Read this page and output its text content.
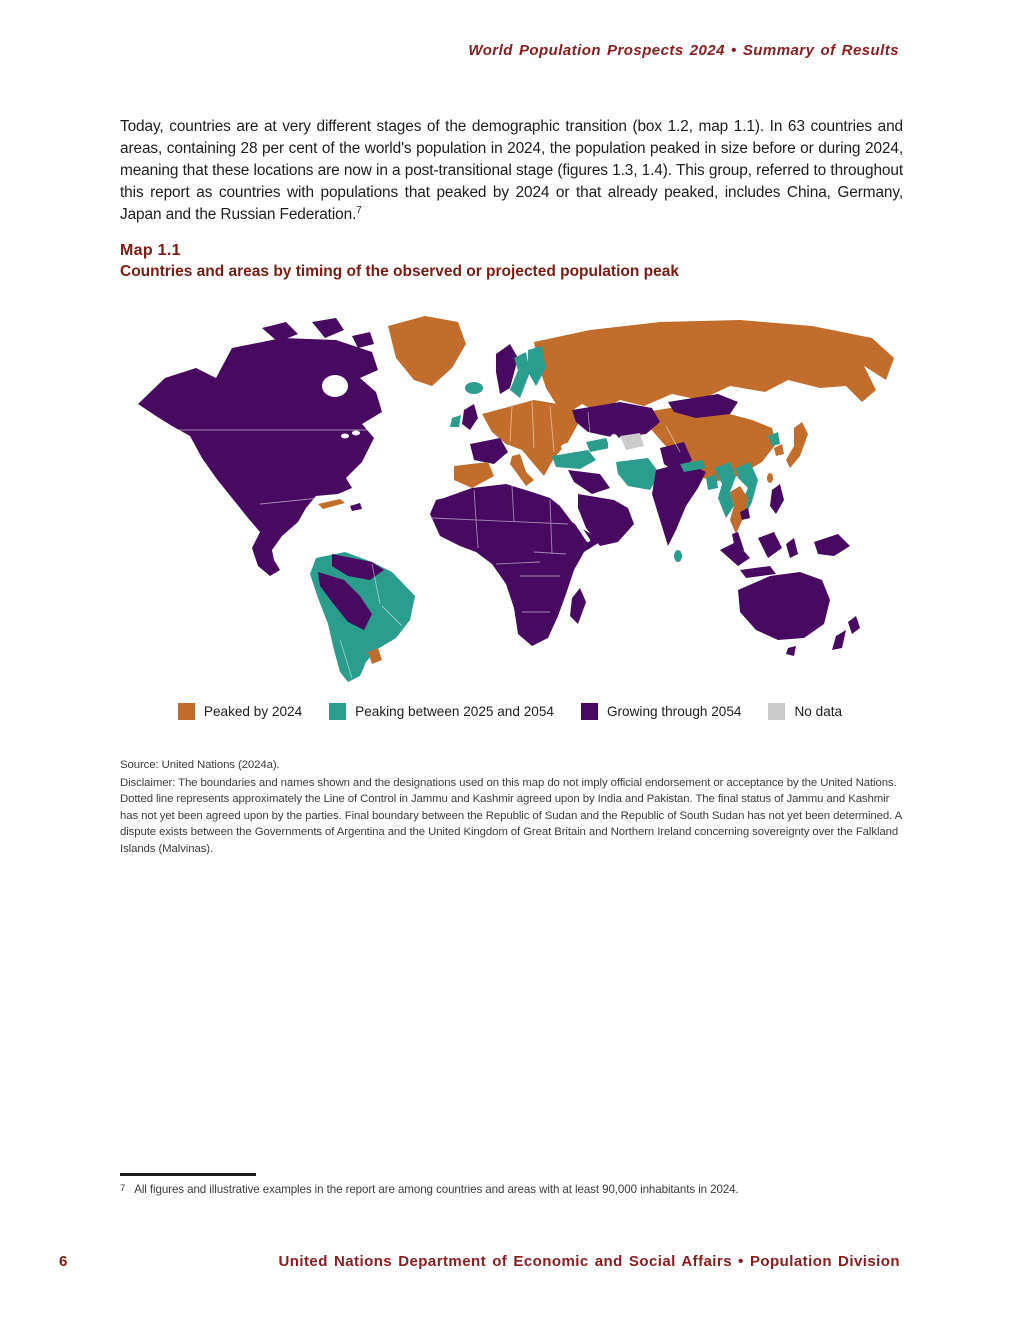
World Population Prospects 2024 • Summary of Results

Today, countries are at very different stages of the demographic transition (box 1.2, map 1.1). In 63 countries and areas, containing 28 per cent of the world's population in 2024, the population peaked in size before or during 2024, meaning that these locations are now in a post-transitional stage (figures 1.3, 1.4). This group, referred to throughout this report as countries with populations that peaked by 2024 or that already peaked, includes China, Germany, Japan and the Russian Federation.$^7$

Map 1.1
Countries and areas by timing of the observed or projected population peak
Peaked by 2024	Peaking between 2025 and 2054	Growing through 2054	No data
Source: United Nations (2024a).

Disclaimer: The boundaries and names shown and the designations used on this map do not imply official endorsement or acceptance by the United Nations. Dotted line represents approximately the Line of Control in Jammu and Kashmir agreed upon by India and Pakistan. The final status of Jammu and Kashmir has not yet been agreed upon by the parties. Final boundary between the Republic of Sudan and the Republic of South Sudan has not yet been determined. A dispute exists between the Governments of Argentina and the United Kingdom of Great Britain and Northern Ireland concerning sovereignty over the Falkland Islands (Malvinas).

7 All figures and illustrative examples in the report are among countries and areas with at least 90,000 inhabitants in 2024.
6	United Nations Department of Economic and Social Affairs • Population Division
